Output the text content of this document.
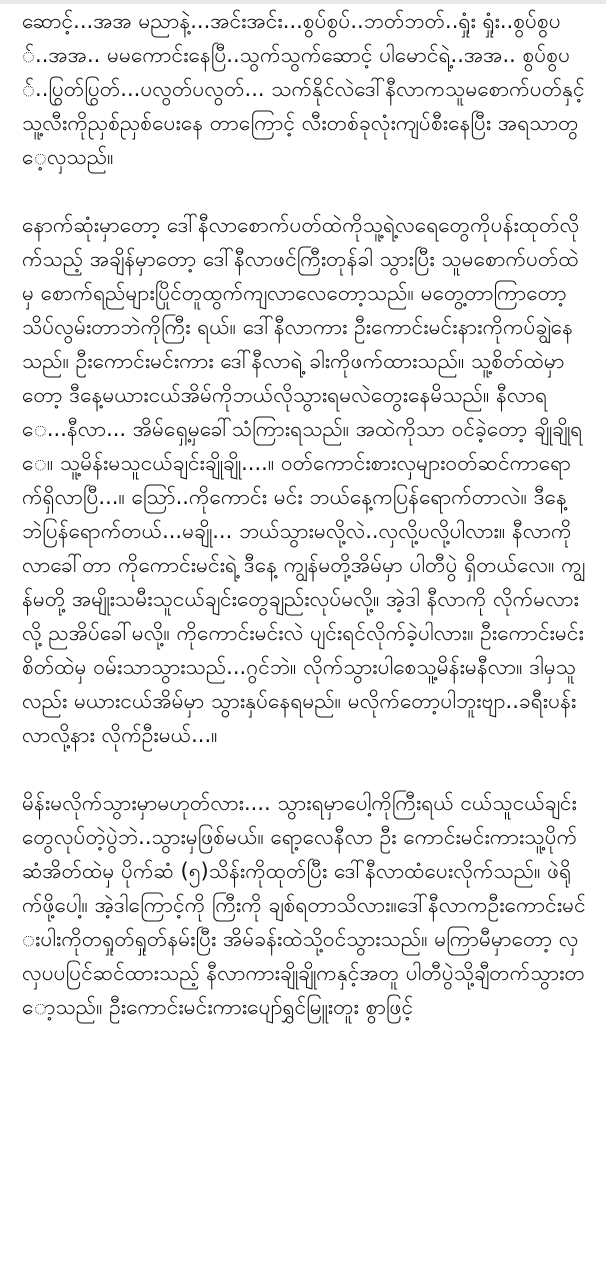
ဆောင့်...အအ မညာနဲ့...အင်းအင်း...စွပ်စွပ်..ဘတ်ဘတ်..ရှုံး ရှုံး..စွပ်စွပ်..အအ.. မမကောင်းနေပြီ..သွက်သွက်ဆောင့် ပါမောင်ရဲ့..အအ.. စွပ်စွပ်..ပြွတ်ပြွတ်...ပလွတ်ပလွတ်... သက်နိုင်လဲဒေါ်နီလာကသူမစောက်ပတ်နှင့်သူ့လီးကိုညှစ်ညှစ်ပေးနေ တာကြောင့် လီးတစ်ခုလုံးကျပ်စီးနေပြီး အရသာတွေ့လှသည်။

နောက်ဆုံးမှာတော့ ဒေါ်နီလာစောက်ပတ်ထဲကိုသူ့ရဲ့လရေတွေကိုပန်းထုတ်လိုက်သည့် အချိန်မှာတော့ ဒေါ်နီလာဖင်ကြီးတုန်ခါ သွားပြီး သူမစောက်ပတ်ထဲမှ စောက်ရည်များပြိုင်တူထွက်ကျလာလေတော့သည်။ မတွေ့တာကြာတော့သိပ်လွမ်းတာဘဲကိုကြီး ရယ်။ ဒေါ်နီလာကား ဦးကောင်းမင်းနားကိုကပ်ချွဲနေသည်။ ဦးကောင်းမင်းကား ဒေါ်နီလာရဲ့ ခါးကိုဖက်ထားသည်။ သူ့စိတ်ထဲမှာ တော့ ဒီနေ့မယားငယ်အိမ်ကိုဘယ်လိုသွားရမလဲတွေးနေမိသည်။ နီလာရေ...နီလာ... အိမ်ရှေ့မှခေါ်သံကြားရသည်။ အထဲကိုသာ ဝင်ခဲ့တော့ ချိုချိုရေ။ သူ့မိန်းမသူငယ်ချင်းချိုချို....။ ဝတ်ကောင်းစားလှများဝတ်ဆင်ကာရောက်ရှိလာပြီ...။ ဪ..ကိုကောင်း မင်း ဘယ်နေ့ကပြန်ရောက်တာလဲ။ ဒီနေ့ဘဲပြန်ရောက်တယ်...မချို... ဘယ်သွားမလို့လဲ..လှလို့ပလို့ပါလား။ နီလာကိုလာခေါ်တာ ကိုကောင်းမင်းရဲ့ ဒီနေ့ ကျွန်မတို့အိမ်မှာ ပါတီပွဲ ရှိတယ်လေ။ ကျွန်မတို့ အမျိုးသမီးသူငယ်ချင်းတွေချည်းလုပ်မလို့။ အဲ့ဒါ နီလာကို လိုက်မလားလို့ ညအိပ်ခေါ်မလို့။ ကိုကောင်းမင်းလဲ ပျင်းရင်လိုက်ခဲ့ပါလား။ ဦးကောင်းမင်းစိတ်ထဲမှ ဝမ်းသာသွားသည်...ဂွင်ဘဲ။ လိုက်သွားပါစေသူ့မိန်းမနီလာ။ ဒါမှသူလည်း မယားငယ်အိမ်မှာ သွားနှပ်နေရမည်။ မလိုက်တော့ပါဘူးဗျာ..ခရီးပန်းလာလို့နား လိုက်ဦးမယ်...။

မိန်းမလိုက်သွားမှာမဟုတ်လား.... သွားရမှာပေါ့ကိုကြီးရယ် ငယ်သူငယ်ချင်းတွေလုပ်တဲ့ပွဲဘဲ..သွားမှဖြစ်မယ်။ ရော့လေနီလာ ဦး ကောင်းမင်းကားသူ့ပိုက်ဆံအိတ်ထဲမှ ပိုက်ဆံ (၅)သိန်းကိုထုတ်ပြီး ဒေါ်နီလာထံပေးလိုက်သည်။ ဖဲရိုက်ဖို့ပေါ့။ အဲ့ဒါကြောင့်ကို ကြီးကို ချစ်ရတာသိလား။ဒေါ်နီလာကဦးကောင်းမင်းပါးကိုတရှုတ်ရှုတ်နမ်းပြီး အိမ်ခန်းထဲသို့ဝင်သွားသည်။ မကြာမီမှာတော့ လှလှပပပြင်ဆင်ထားသည့် နီလာကားချိုချိုကနှင့်အတူ ပါတီပွဲသို့ချီတက်သွားတော့သည်။ ဦးကောင်းမင်းကားပျော်ရွှင်မြူးတူး စွာဖြင့်
